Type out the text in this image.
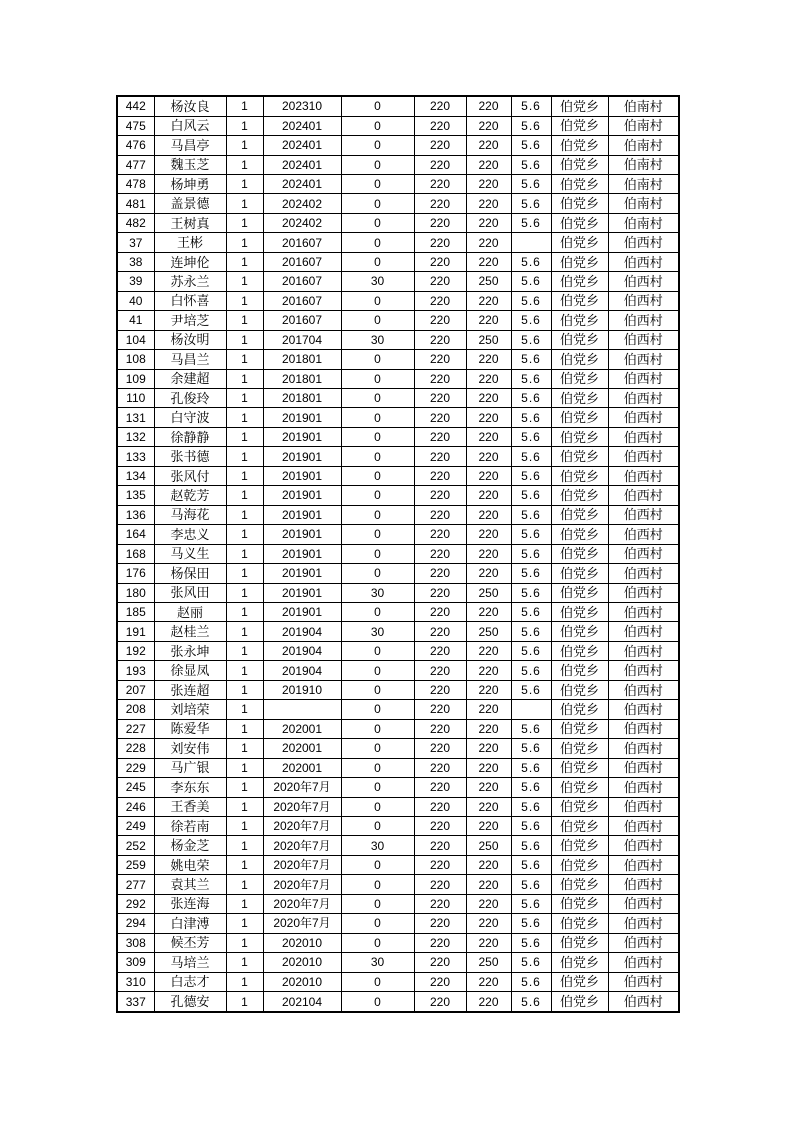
442	杨汝良	1	202310	0	220	220	5.6	伯党乡	伯南村
475	白风云	1	202401	0	220	220	5.6	伯党乡	伯南村
476	马昌亭	1	202401	0	220	220	5.6	伯党乡	伯南村
477	魏玉芝	1	202401	0	220	220	5.6	伯党乡	伯南村
478	杨坤勇	1	202401	0	220	220	5.6	伯党乡	伯南村
481	盖景德	1	202402	0	220	220	5.6	伯党乡	伯南村
482	王树真	1	202402	0	220	220	5.6	伯党乡	伯南村
37	王彬	1	201607	0	220	220		伯党乡	伯西村
38	连坤伦	1	201607	0	220	220	5.6	伯党乡	伯西村
39	苏永兰	1	201607	30	220	250	5.6	伯党乡	伯西村
40	白怀喜	1	201607	0	220	220	5.6	伯党乡	伯西村
41	尹培芝	1	201607	0	220	220	5.6	伯党乡	伯西村
104	杨汝明	1	201704	30	220	250	5.6	伯党乡	伯西村
108	马昌兰	1	201801	0	220	220	5.6	伯党乡	伯西村
109	余建超	1	201801	0	220	220	5.6	伯党乡	伯西村
110	孔俊玲	1	201801	0	220	220	5.6	伯党乡	伯西村
131	白守波	1	201901	0	220	220	5.6	伯党乡	伯西村
132	徐静静	1	201901	0	220	220	5.6	伯党乡	伯西村
133	张书德	1	201901	0	220	220	5.6	伯党乡	伯西村
134	张风付	1	201901	0	220	220	5.6	伯党乡	伯西村
135	赵乾芳	1	201901	0	220	220	5.6	伯党乡	伯西村
136	马海花	1	201901	0	220	220	5.6	伯党乡	伯西村
164	李忠义	1	201901	0	220	220	5.6	伯党乡	伯西村
168	马义生	1	201901	0	220	220	5.6	伯党乡	伯西村
176	杨保田	1	201901	0	220	220	5.6	伯党乡	伯西村
180	张风田	1	201901	30	220	250	5.6	伯党乡	伯西村
185	赵丽	1	201901	0	220	220	5.6	伯党乡	伯西村
191	赵桂兰	1	201904	30	220	250	5.6	伯党乡	伯西村
192	张永坤	1	201904	0	220	220	5.6	伯党乡	伯西村
193	徐显凤	1	201904	0	220	220	5.6	伯党乡	伯西村
207	张连超	1	201910	0	220	220	5.6	伯党乡	伯西村
208	刘培荣	1		0	220	220		伯党乡	伯西村
227	陈爱华	1	202001	0	220	220	5.6	伯党乡	伯西村
228	刘安伟	1	202001	0	220	220	5.6	伯党乡	伯西村
229	马广银	1	202001	0	220	220	5.6	伯党乡	伯西村
245	李东东	1	2020年7月	0	220	220	5.6	伯党乡	伯西村
246	王香美	1	2020年7月	0	220	220	5.6	伯党乡	伯西村
249	徐若南	1	2020年7月	0	220	220	5.6	伯党乡	伯西村
252	杨金芝	1	2020年7月	30	220	250	5.6	伯党乡	伯西村
259	姚电荣	1	2020年7月	0	220	220	5.6	伯党乡	伯西村
277	袁其兰	1	2020年7月	0	220	220	5.6	伯党乡	伯西村
292	张连海	1	2020年7月	0	220	220	5.6	伯党乡	伯西村
294	白津溥	1	2020年7月	0	220	220	5.6	伯党乡	伯西村
308	候丕芳	1	202010	0	220	220	5.6	伯党乡	伯西村
309	马培兰	1	202010	30	220	250	5.6	伯党乡	伯西村
310	白志才	1	202010	0	220	220	5.6	伯党乡	伯西村
337	孔德安	1	202104	0	220	220	5.6	伯党乡	伯西村
